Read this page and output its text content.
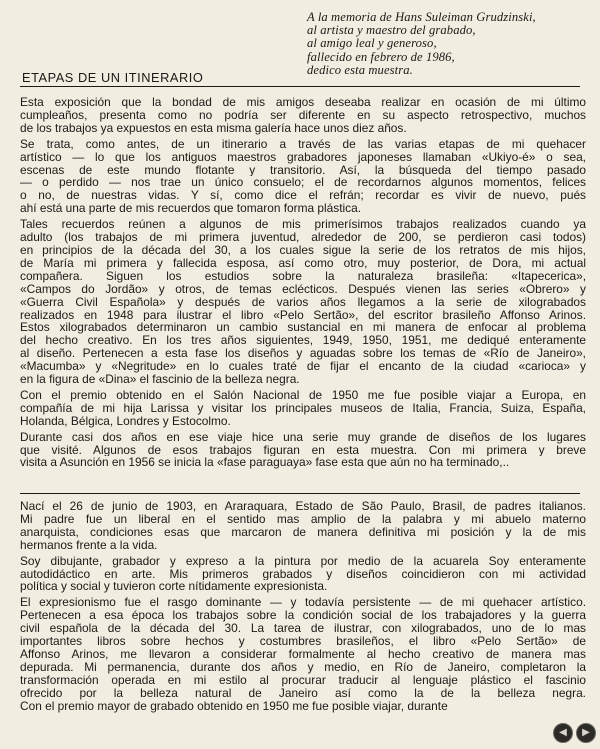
A la memoria de Hans Suleiman Grudzinski,
al artista y maestro del grabado,
al amigo leal y generoso,
fallecido en febrero de 1986,
dedico esta muestra.
ETAPAS DE UN ITINERARIO
Esta exposición que la bondad de mis amigos deseaba realizar en ocasión de mi último
cumpleaños, presenta como no podría ser diferente en su aspecto retrospectivo, muchos
de los trabajos ya expuestos en esta misma galería hace unos diez años.
Se trata, como antes, de un itinerario a través de las varias etapas de mi quehacer
artístico — lo que los antiguos maestros grabadores japoneses llamaban «Ukiyo-é» o sea,
escenas de este mundo flotante y transitorio. Así, la búsqueda del tiempo pasado
— o perdido — nos trae un único consuelo; el de recordarnos algunos momentos, felices
o no, de nuestras vidas. Y sí, como dice el refrán; recordar es vivir de nuevo, pués
ahí está una parte de mis recuerdos que tomaron forma plástica.
Tales recuerdos reúnen a algunos de mis primerísimos trabajos realizados cuando ya
adulto (los trabajos de mi primera juventud, alrededor de 200, se perdieron casi todos)
en principios de la década del 30, a los cuales sigue la serie de los retratos de mis hijos,
de María mi primera y fallecida esposa, así como otro, muy posterior, de Dora, mi actual
compañera. Siguen los estudios sobre la naturaleza brasileña: «Itapecerica»,
«Campos do Jordão» y otros, de temas eclécticos. Después vienen las series «Obrero» y
«Guerra Civil Española» y después de varios años llegamos a la serie de xilograbados
realizados en 1948 para ilustrar el libro «Pelo Sertão», del escritor brasileño Affonso Arinos.
Estos xilograbados determinaron un cambio sustancial en mi manera de enfocar al problema
del hecho creativo. En los tres años siguientes, 1949, 1950, 1951, me dediqué enteramente
al diseño. Pertenecen a esta fase los diseños y aguadas sobre los temas de «Río de Janeiro»,
«Macumba» y «Negritude» en lo cuales traté de fijar el encanto de la ciudad «carioca» y
en la figura de «Dina» el fascinio de la belleza negra.
Con el premio obtenido en el Salón Nacional de 1950 me fue posible viajar a Europa, en
compañía de mi hija Larissa y visitar los principales museos de Italia, Francia, Suiza, España,
Holanda, Bélgica, Londres y Estocolmo.
Durante casi dos años en ese viaje hice una serie muy grande de diseños de los lugares
que visité. Algunos de esos trabajos figuran en esta muestra. Con mi primera y breve
visita a Asunción en 1956 se inicia la «fase paraguaya» fase esta que aún no ha terminado,..
Nací el 26 de junio de 1903, en Araraquara, Estado de São Paulo, Brasil, de padres italianos.
Mi padre fue un liberal en el sentido mas amplio de la palabra y mi abuelo materno
anarquista, condiciones esas que marcaron de manera definitiva mi posición y la de mis
hermanos frente a la vida.
Soy dibujante, grabador y expreso a la pintura por medio de la acuarela Soy enteramente
autodidáctico en arte. Mis primeros grabados y diseños coincidieron con mi actividad
política y social y tuvieron corte nítidamente expresionista.
El expresionismo fue el rasgo dominante — y todavía persistente — de mi quehacer artístico.
Pertenecen a esa época los trabajos sobre la condición social de los trabajadores y la guerra
civil española de la década del 30. La tarea de ilustrar, con xilograbados, uno de lo mas
importantes libros sobre hechos y costumbres brasileños, el libro «Pelo Sertão» de
Affonso Arinos, me llevaron a considerar formalmente al hecho creativo de manera mas
depurada. Mi permanencia, durante dos años y medio, en Río de Janeiro, completaron la
transformación operada en mi estilo al procurar traducir al lenguaje plástico el fascinio
ofrecido por la belleza natural de Janeiro así como la de la belleza negra.
Con el premio mayor de grabado obtenido en 1950 me fue posible viajar, durante
◀	▶
